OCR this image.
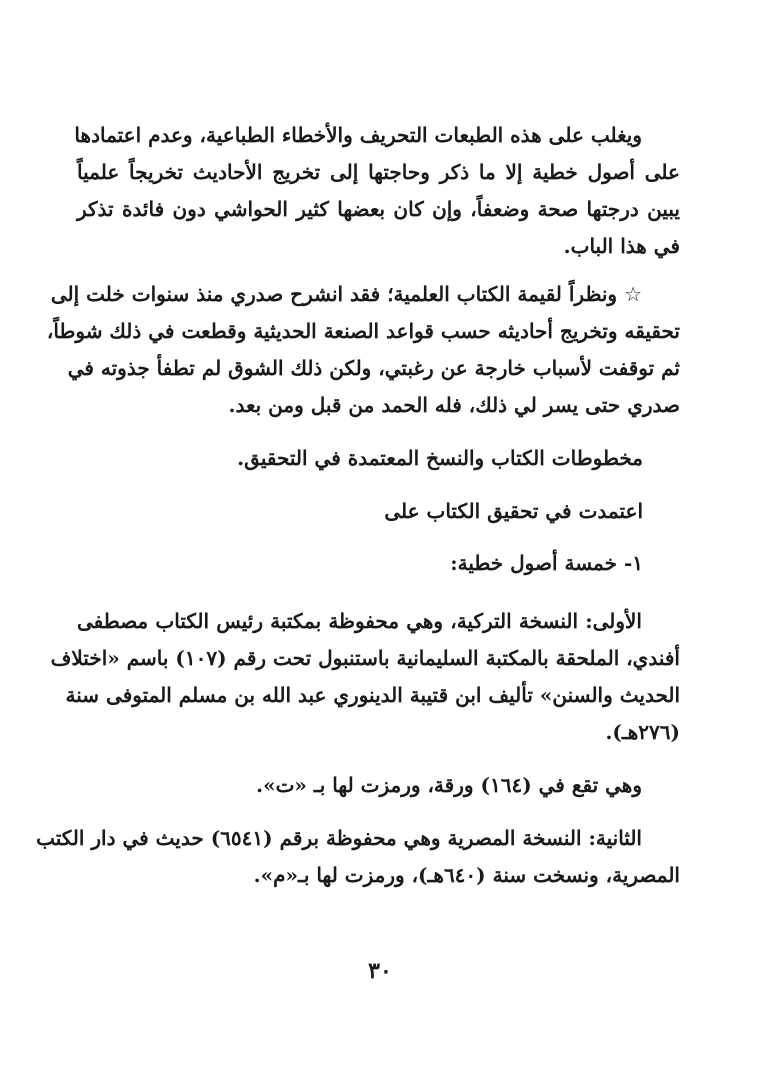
ويغلب على هذه الطبعات التحريف والأخطاء الطباعية، وعدم اعتمادها
على أصول خطية إلا ما ذكر وحاجتها إلى تخريج الأحاديث تخريجاً علمياً
يبين درجتها صحة وضعفاً، وإن كان بعضها كثير الحواشي دون فائدة تذكر
في هذا الباب.
☆ ونظراً لقيمة الكتاب العلمية؛ فقد انشرح صدري منذ سنوات خلت إلى
تحقيقه وتخريج أحاديثه حسب قواعد الصنعة الحديثية وقطعت في ذلك شوطاً،
ثم توقفت لأسباب خارجة عن رغبتي، ولكن ذلك الشوق لم تطفأ جذوته في
صدري حتى يسر لي ذلك، فله الحمد من قبل ومن بعد.
مخطوطات الكتاب والنسخ المعتمدة في التحقيق.
اعتمدت في تحقيق الكتاب على
١- خمسة أصول خطية:
الأولى: النسخة التركية، وهي محفوظة بمكتبة رئيس الكتاب مصطفى
أفندي، الملحقة بالمكتبة السليمانية باستنبول تحت رقم (١٠٧) باسم «اختلاف
الحديث والسنن» تأليف ابن قتيبة الدينوري عبد الله بن مسلم المتوفى سنة
(٢٧٦هـ).
وهي تقع في (١٦٤) ورقة، ورمزت لها بـ «ت».
الثانية: النسخة المصرية وهي محفوظة برقم (٦٥٤١) حديث في دار الكتب
المصرية، ونسخت سنة (٦٤٠هـ)، ورمزت لها بـ«م».
٣٠
